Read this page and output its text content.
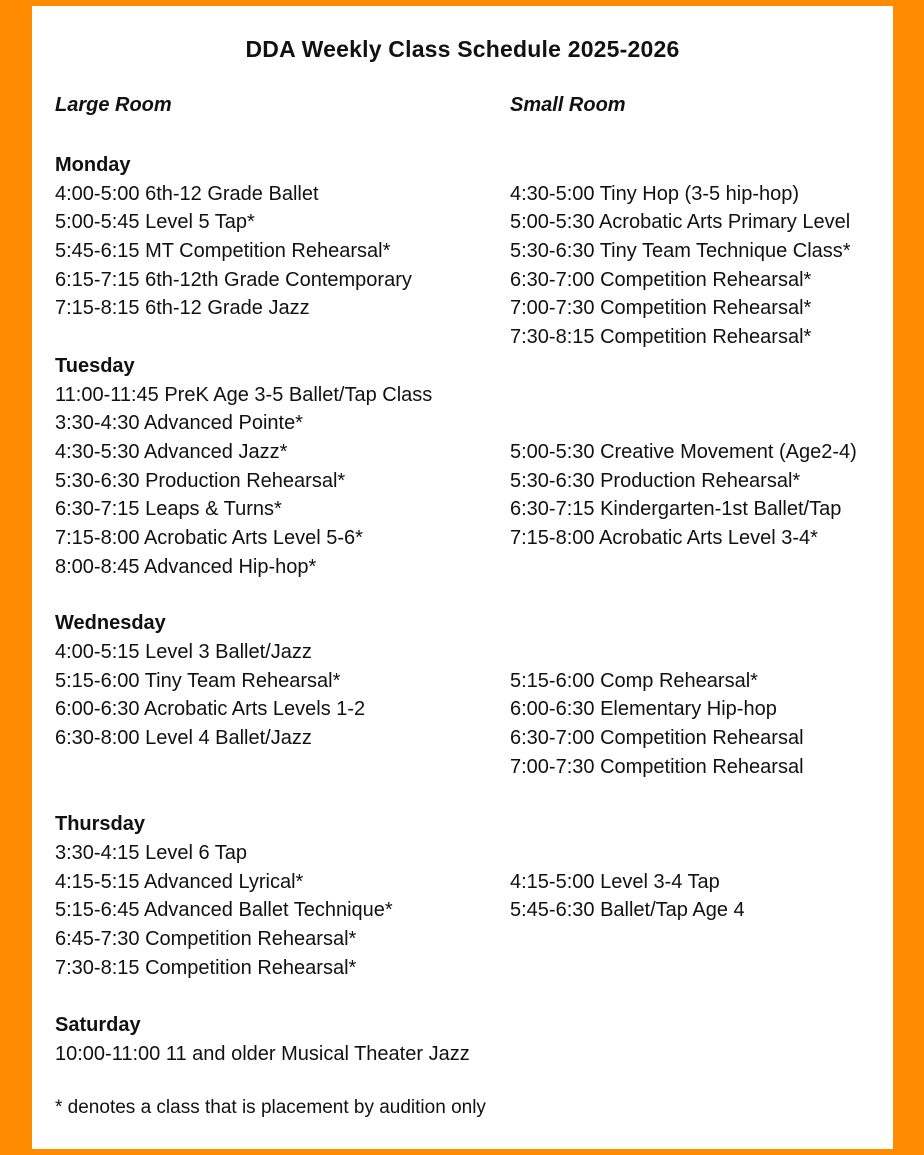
DDA Weekly Class Schedule 2025-2026
Large Room	Small Room
Monday
4:00-5:00 6th-12 Grade Ballet
5:00-5:45 Level 5 Tap*
5:45-6:15 MT Competition Rehearsal*
6:15-7:15 6th-12th Grade Contemporary
7:15-8:15 6th-12 Grade Jazz
4:30-5:00 Tiny Hop (3-5 hip-hop)
5:00-5:30 Acrobatic Arts Primary Level
5:30-6:30 Tiny Team Technique Class*
6:30-7:00 Competition Rehearsal*
7:00-7:30 Competition Rehearsal*
7:30-8:15 Competition Rehearsal*
Tuesday
11:00-11:45 PreK Age 3-5 Ballet/Tap Class
3:30-4:30 Advanced Pointe*
4:30-5:30 Advanced Jazz*
5:30-6:30 Production Rehearsal*
6:30-7:15 Leaps & Turns*
7:15-8:00 Acrobatic Arts Level 5-6*
8:00-8:45 Advanced Hip-hop*
5:00-5:30 Creative Movement (Age2-4)
5:30-6:30 Production Rehearsal*
6:30-7:15 Kindergarten-1st Ballet/Tap
7:15-8:00 Acrobatic Arts Level 3-4*
Wednesday
4:00-5:15 Level 3 Ballet/Jazz
5:15-6:00 Tiny Team Rehearsal*
6:00-6:30 Acrobatic Arts Levels 1-2
6:30-8:00 Level 4 Ballet/Jazz
5:15-6:00 Comp Rehearsal*
6:00-6:30 Elementary Hip-hop
6:30-7:00 Competition Rehearsal
7:00-7:30 Competition Rehearsal
Thursday
3:30-4:15 Level 6 Tap
4:15-5:15 Advanced Lyrical*
5:15-6:45 Advanced Ballet Technique*
6:45-7:30 Competition Rehearsal*
7:30-8:15 Competition Rehearsal*
4:15-5:00 Level 3-4 Tap
5:45-6:30 Ballet/Tap Age 4
Saturday
10:00-11:00 11 and older Musical Theater Jazz
* denotes a class that is placement by audition only
